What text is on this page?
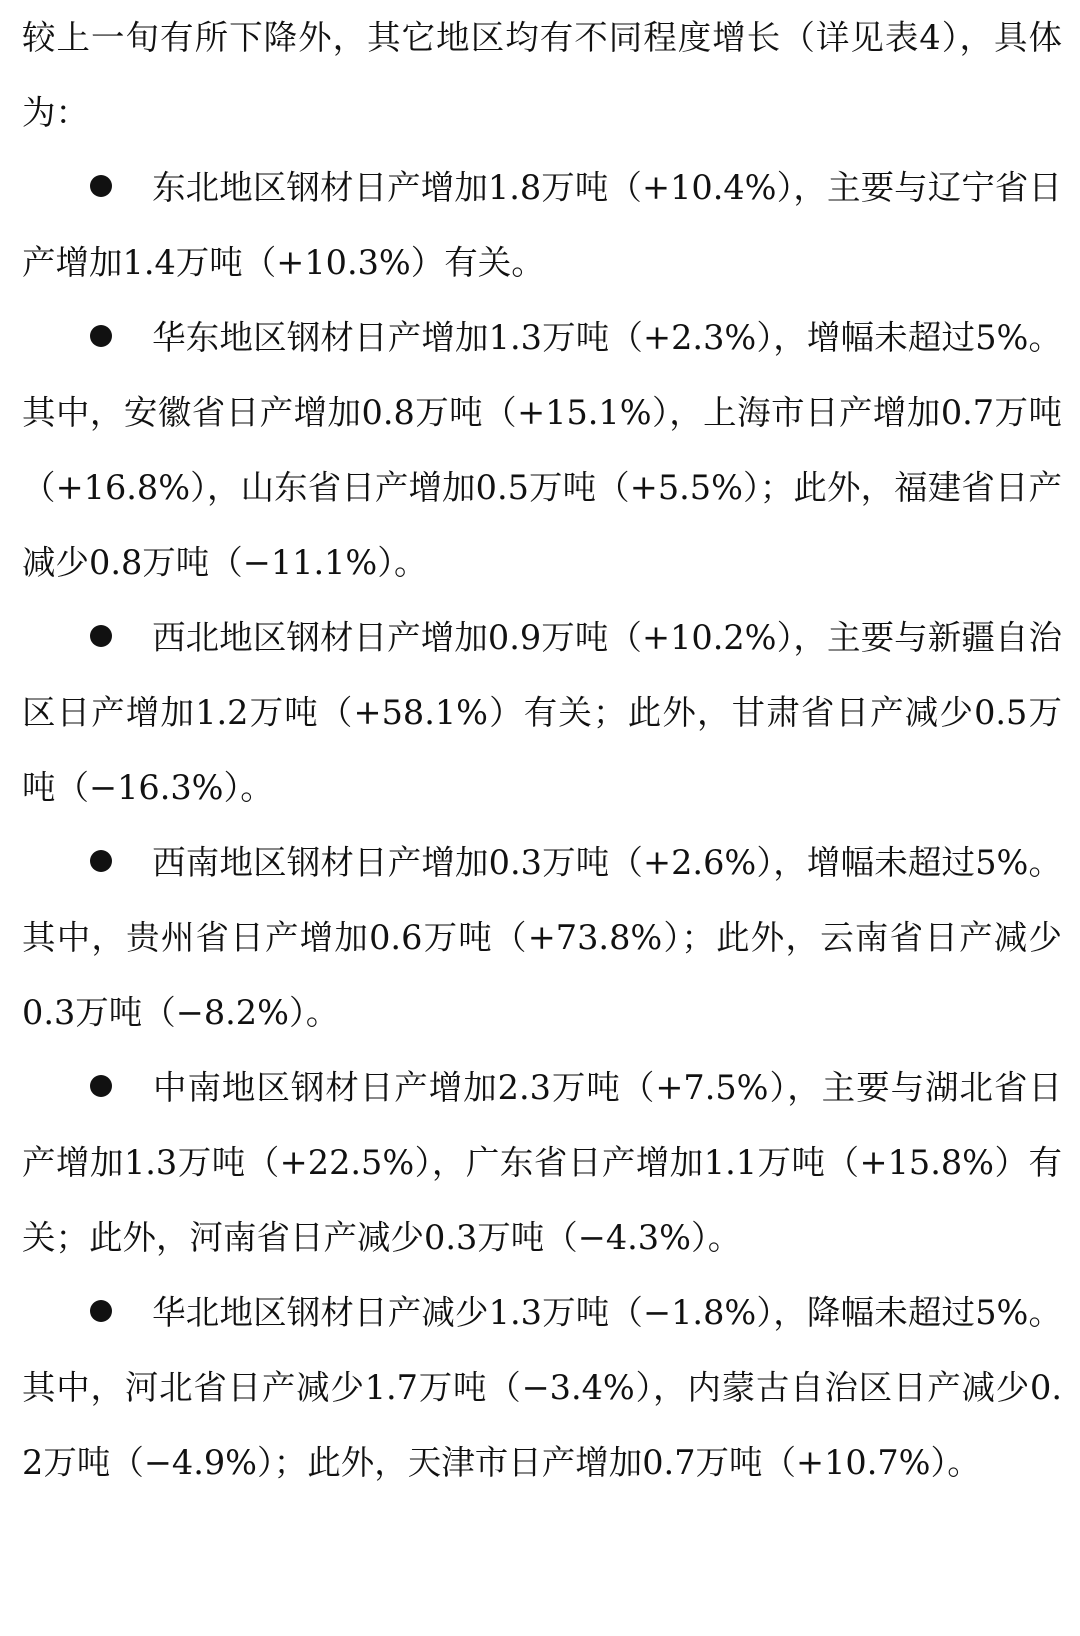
较上一旬有所下降外，其它地区均有不同程度增长（详见表4），具体为：

东北地区钢材日产增加1.8万吨（+10.4%），主要与辽宁省日产增加1.4万吨（+10.3%）有关。

华东地区钢材日产增加1.3万吨（+2.3%），增幅未超过5%。其中，安徽省日产增加0.8万吨（+15.1%），上海市日产增加0.7万吨（+16.8%），山东省日产增加0.5万吨（+5.5%）；此外，福建省日产减少0.8万吨（−11.1%）。

西北地区钢材日产增加0.9万吨（+10.2%），主要与新疆自治区日产增加1.2万吨（+58.1%）有关；此外，甘肃省日产减少0.5万吨（−16.3%）。

西南地区钢材日产增加0.3万吨（+2.6%），增幅未超过5%。其中，贵州省日产增加0.6万吨（+73.8%）；此外，云南省日产减少0.3万吨（−8.2%）。

中南地区钢材日产增加2.3万吨（+7.5%），主要与湖北省日产增加1.3万吨（+22.5%），广东省日产增加1.1万吨（+15.8%）有关；此外，河南省日产减少0.3万吨（−4.3%）。

华北地区钢材日产减少1.3万吨（−1.8%），降幅未超过5%。其中，河北省日产减少1.7万吨（−3.4%），内蒙古自治区日产减少0.2万吨（−4.9%）；此外，天津市日产增加0.7万吨（+10.7%）。
